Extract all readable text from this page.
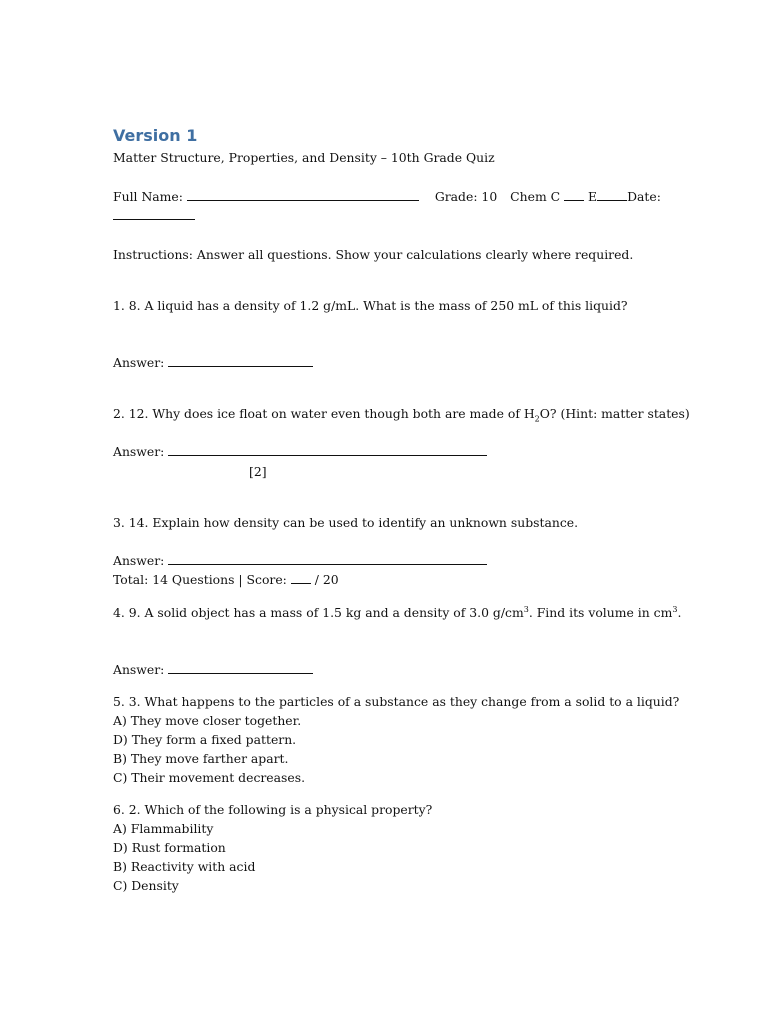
Version 1
Matter Structure, Properties, and Density – 10th Grade Quiz
Full Name:	Grade: 10 Chem C E Date:
Instructions: Answer all questions. Show your calculations clearly where required.
1. 8. A liquid has a density of 1.2 g/mL. What is the mass of 250 mL of this liquid?
Answer:
2. 12. Why does ice float on water even though both are made of $H_2O$? (Hint: matter states)
Answer:
[2]
3. 14. Explain how density can be used to identify an unknown substance.
Answer:
Total: 14 Questions | Score: / 20
4. 9. A solid object has a mass of 1.5 kg and a density of 3.0 $g/cm^3$. Find its volume in $cm^3$.
Answer:
5. 3. What happens to the particles of a substance as they change from a solid to a liquid?
A) They move closer together.
D) They form a fixed pattern.
B) They move farther apart.
C) Their movement decreases.
6. 2. Which of the following is a physical property?
A) Flammability
D) Rust formation
B) Reactivity with acid
C) Density
